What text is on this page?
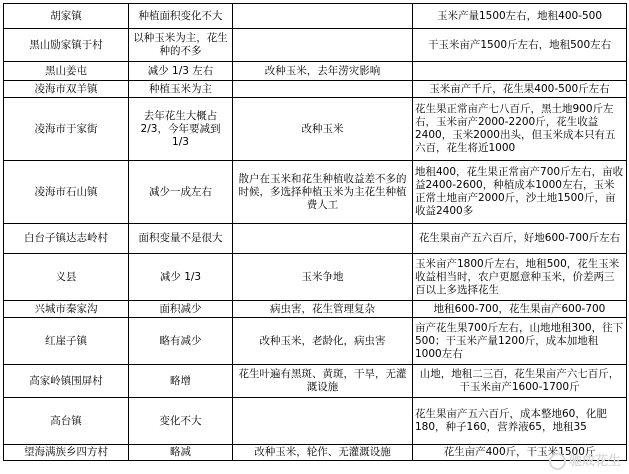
胡家镇	种植面积变化不大		玉米产量1500左右，地租400-500
黑山励家镇于村	以种玉米为主，花生种的不多		干玉米亩产1500斤左右，地租500左右
黑山姜屯	减少 1/3 左右	改种玉米，去年涝灾影响	
凌海市双羊镇	种植玉米为主		玉米亩产千斤，花生果400-500斤左右
凌海市于家街	去年花生大概占2/3，今年要减到 1/3	改种玉米	花生果正常亩产七八百斤，黑土地900斤左右，玉米亩产2000-2200斤，花生收益2400，玉米2000出头，但玉米成本只有五六百，花生将近1000
凌海市石山镇	减少一成左右	散户在玉米和花生种植收益差不多的时候，多选择种植玉米为主花生种植费人工	地租400，花生果正常亩产700斤左右，亩收益2400-2600，种植成本1000左右，玉米正常土地亩产2000斤，沙土地1500斤，亩收益2400多
白台子镇达志岭村	面积变量不是很大		花生果亩产五六百斤，好地600-700斤左右
义县	减少 1/3	玉米争地	玉米亩产1800斤左右，地租500，花生玉米收益相当时，农户更愿意种玉米，价差两三百以上多选择花生
兴城市秦家沟	面积减少	病虫害，花生管理复杂	地租600-700，花生果亩产600-700
红崖子镇	略有减少	改种玉米，老龄化，病虫害	亩产花生果700斤左右，山地地租300，往下500；干玉米产量1200斤，成本加地租1000左右
高家岭镇围屏村	略增	花生叶遍有黑斑、黄斑，干旱，无灌溉设施	山地，地租二三百，花生果亩产六七百斤，干玉米亩产1600-1700斤
高台镇	变化不大		花生果亩产五六百斤，成本整地60，化肥180，种子160，营养液65，地租35
望海满族乡四方村	略减	改种玉米，轮作、无灌溉设施	花生亩产400斤，干玉米1500斤
驰成花生
